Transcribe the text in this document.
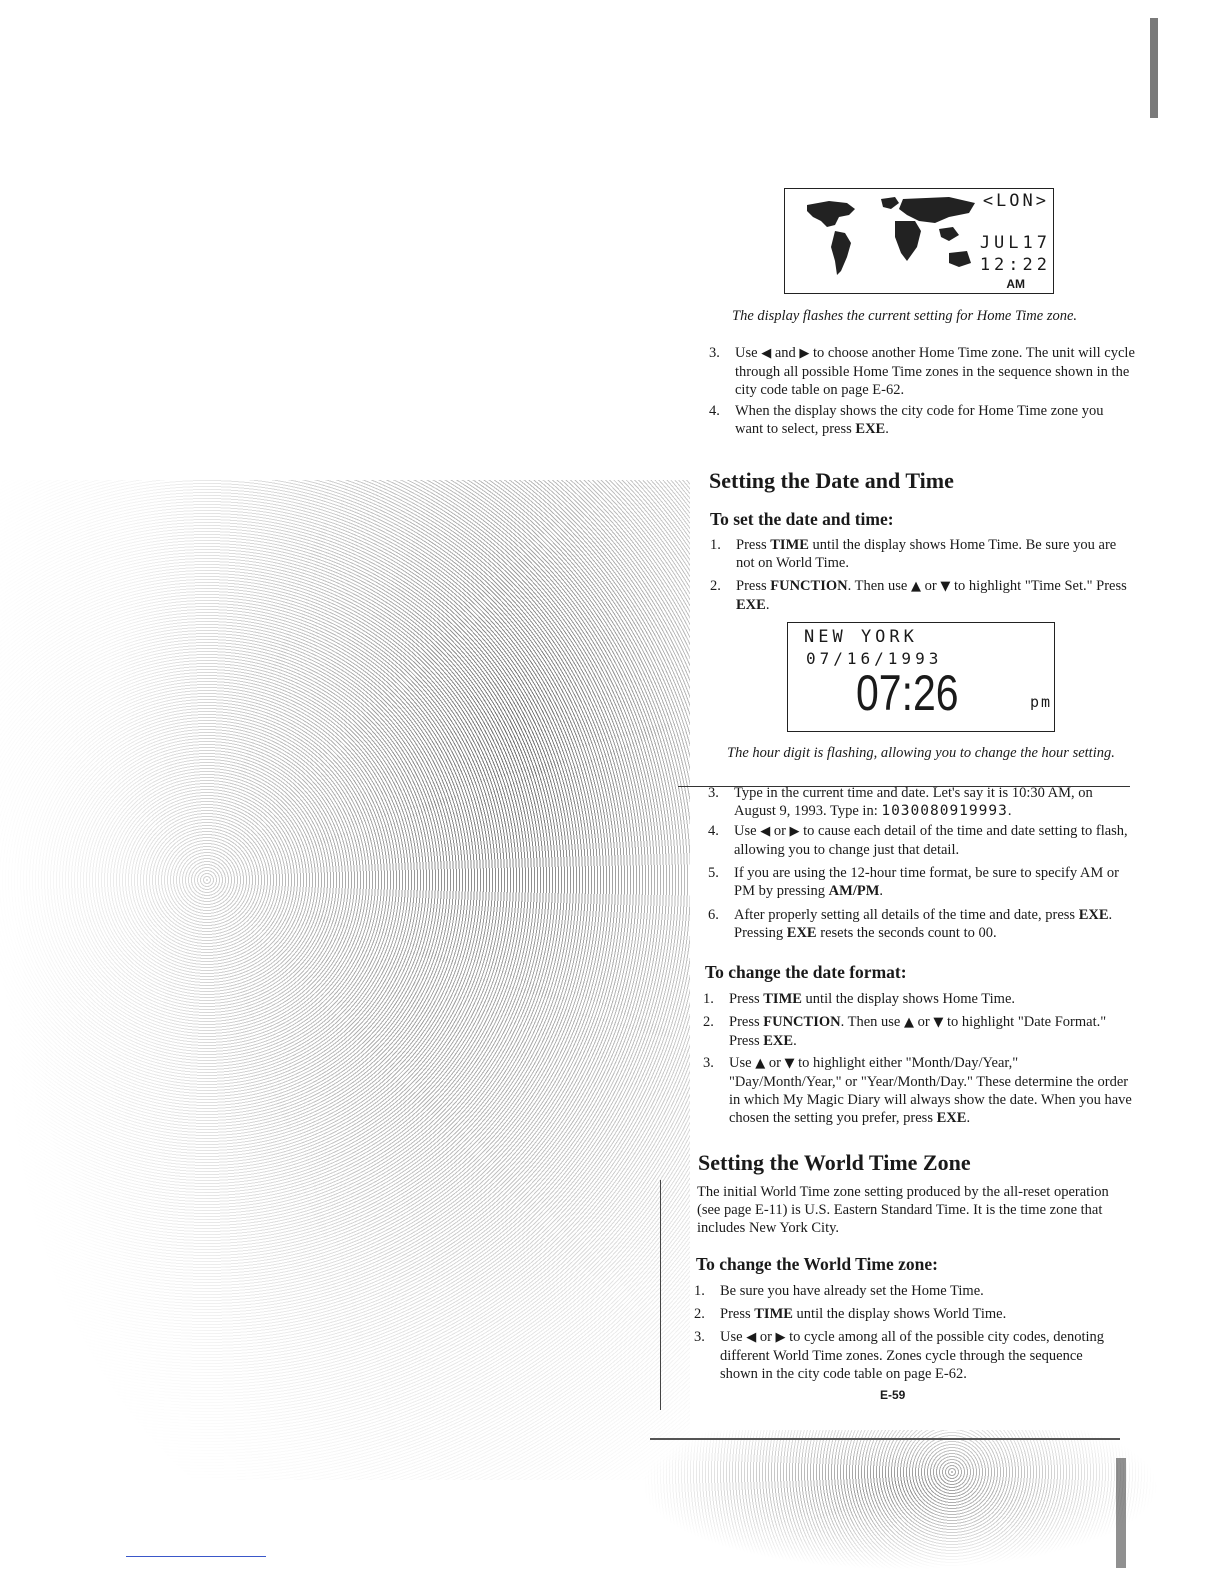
<LON>
JUL17
12:22
AM
The display flashes the current setting for Home Time zone.
3.	Use ◀ and ▶ to choose another Home Time zone. The unit will cycle through all possible Home Time zones in the sequence shown in the city code table on page E-62.
4.	When the display shows the city code for Home Time zone you want to select, press EXE.
Setting the Date and Time
To set the date and time:
1.	Press TIME until the display shows Home Time. Be sure you are not on World Time.
2.	Press FUNCTION. Then use ▲ or ▼ to highlight "Time Set." Press EXE.
NEW YORK
07/16/1993
07:26	pm
The hour digit is flashing, allowing you to change the hour setting.
3.	Type in the current time and date. Let's say it is 10:30 AM, on August 9, 1993. Type in: 1030080919993.
4.	Use ◀ or ▶ to cause each detail of the time and date setting to flash, allowing you to change just that detail.
5.	If you are using the 12-hour time format, be sure to specify AM or PM by pressing AM/PM.
6.	After properly setting all details of the time and date, press EXE. Pressing EXE resets the seconds count to 00.
To change the date format:
1.	Press TIME until the display shows Home Time.
2.	Press FUNCTION. Then use ▲ or ▼ to highlight "Date Format." Press EXE.
3.	Use ▲ or ▼ to highlight either "Month/Day/Year," "Day/Month/Year," or "Year/Month/Day." These determine the order in which My Magic Diary will always show the date. When you have chosen the setting you prefer, press EXE.
Setting the World Time Zone
The initial World Time zone setting produced by the all-reset operation (see page E-11) is U.S. Eastern Standard Time. It is the time zone that includes New York City.
To change the World Time zone:
1.	Be sure you have already set the Home Time.
2.	Press TIME until the display shows World Time.
3.	Use ◀ or ▶ to cycle among all of the possible city codes, denoting different World Time zones. Zones cycle through the sequence shown in the city code table on page E-62.
E-59
